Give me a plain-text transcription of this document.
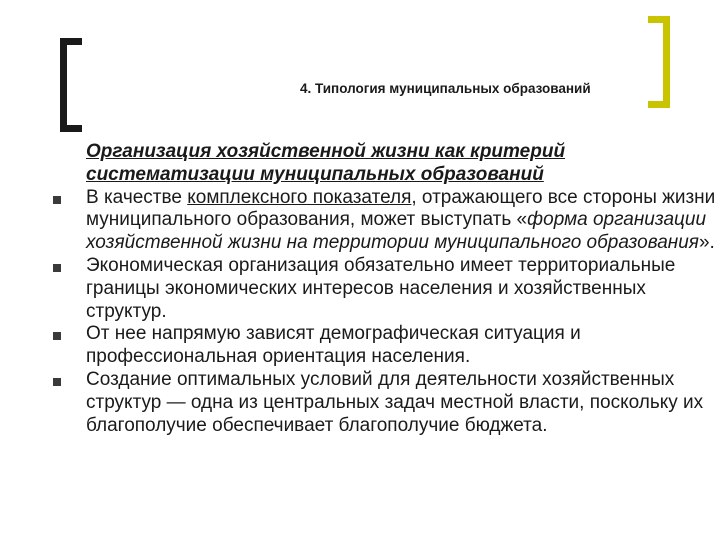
4. Типология муниципальных образований

Организация хозяйственной жизни как критерий систематизации муниципальных образований

В качестве комплексного показателя, отражающего все стороны жизни муниципального образования, может выступать «форма организации хозяйственной жизни на территории муниципального образования».
Экономическая организация обязательно имеет территориальные границы экономических интересов населения и хозяйственных структур.
От нее напрямую зависят демографическая ситуация и профессиональная ориентация населения.
Создание оптимальных условий для деятельности хозяйственных структур — одна из центральных задач местной власти, поскольку их благополучие обеспечивает благополучие бюджета.
